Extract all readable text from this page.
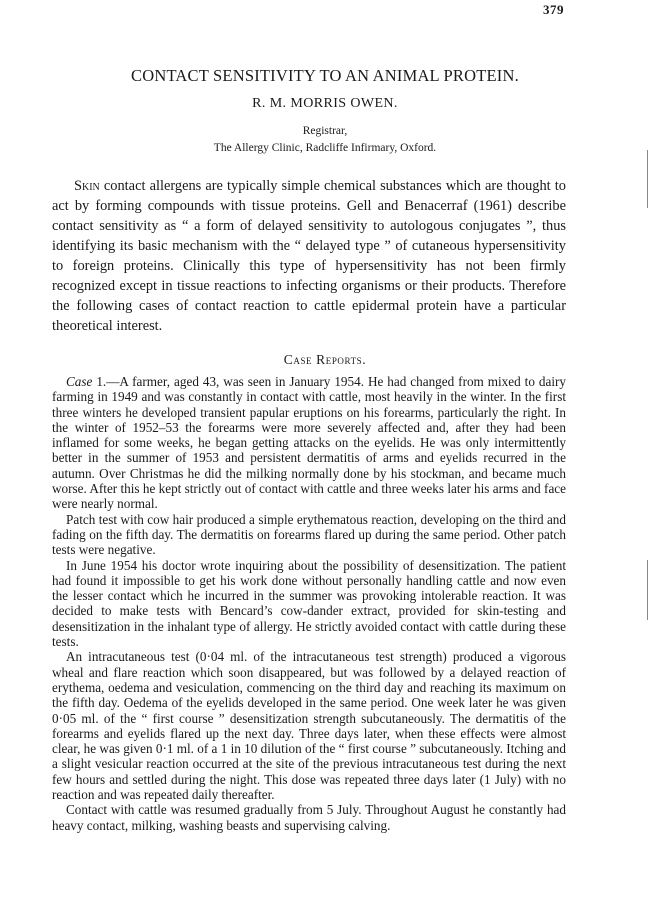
379
CONTACT SENSITIVITY TO AN ANIMAL PROTEIN.
R. M. MORRIS OWEN.
Registrar,
The Allergy Clinic, Radcliffe Infirmary, Oxford.

Skin contact allergens are typically simple chemical substances which are thought to act by forming compounds with tissue proteins. Gell and Benacerraf (1961) describe contact sensitivity as “ a form of delayed sensitivity to autologous conjugates ”, thus identifying its basic mechanism with the “ delayed type ” of cutaneous hypersensitivity to foreign proteins. Clinically this type of hypersensitivity has not been firmly recognized except in tissue reactions to infecting organisms or their products. Therefore the following cases of contact reaction to cattle epidermal protein have a particular theoretical interest.

Case Reports.

Case 1.—A farmer, aged 43, was seen in January 1954. He had changed from mixed to dairy farming in 1949 and was constantly in contact with cattle, most heavily in the winter. In the first three winters he developed transient papular eruptions on his forearms, particularly the right. In the winter of 1952–53 the forearms were more severely affected and, after they had been inflamed for some weeks, he began getting attacks on the eyelids. He was only intermittently better in the summer of 1953 and persistent dermatitis of arms and eyelids recurred in the autumn. Over Christmas he did the milking normally done by his stockman, and became much worse. After this he kept strictly out of contact with cattle and three weeks later his arms and face were nearly normal.

Patch test with cow hair produced a simple erythematous reaction, developing on the third and fading on the fifth day. The dermatitis on forearms flared up during the same period. Other patch tests were negative.

In June 1954 his doctor wrote inquiring about the possibility of desensitization. The patient had found it impossible to get his work done without personally handling cattle and now even the lesser contact which he incurred in the summer was provoking intolerable reaction. It was decided to make tests with Bencard’s cow-dander extract, provided for skin-testing and desensitization in the inhalant type of allergy. He strictly avoided contact with cattle during these tests.

An intracutaneous test (0·04 ml. of the intracutaneous test strength) produced a vigorous wheal and flare reaction which soon disappeared, but was followed by a delayed reaction of erythema, oedema and vesiculation, commencing on the third day and reaching its maximum on the fifth day. Oedema of the eyelids developed in the same period. One week later he was given 0·05 ml. of the “ first course ” desensitization strength subcutaneously. The dermatitis of the forearms and eyelids flared up the next day. Three days later, when these effects were almost clear, he was given 0·1 ml. of a 1 in 10 dilution of the “ first course ” subcutaneously. Itching and a slight vesicular reaction occurred at the site of the previous intracutaneous test during the next few hours and settled during the night. This dose was repeated three days later (1 July) with no reaction and was repeated daily thereafter.

Contact with cattle was resumed gradually from 5 July. Throughout August he constantly had heavy contact, milking, washing beasts and supervising calving.
